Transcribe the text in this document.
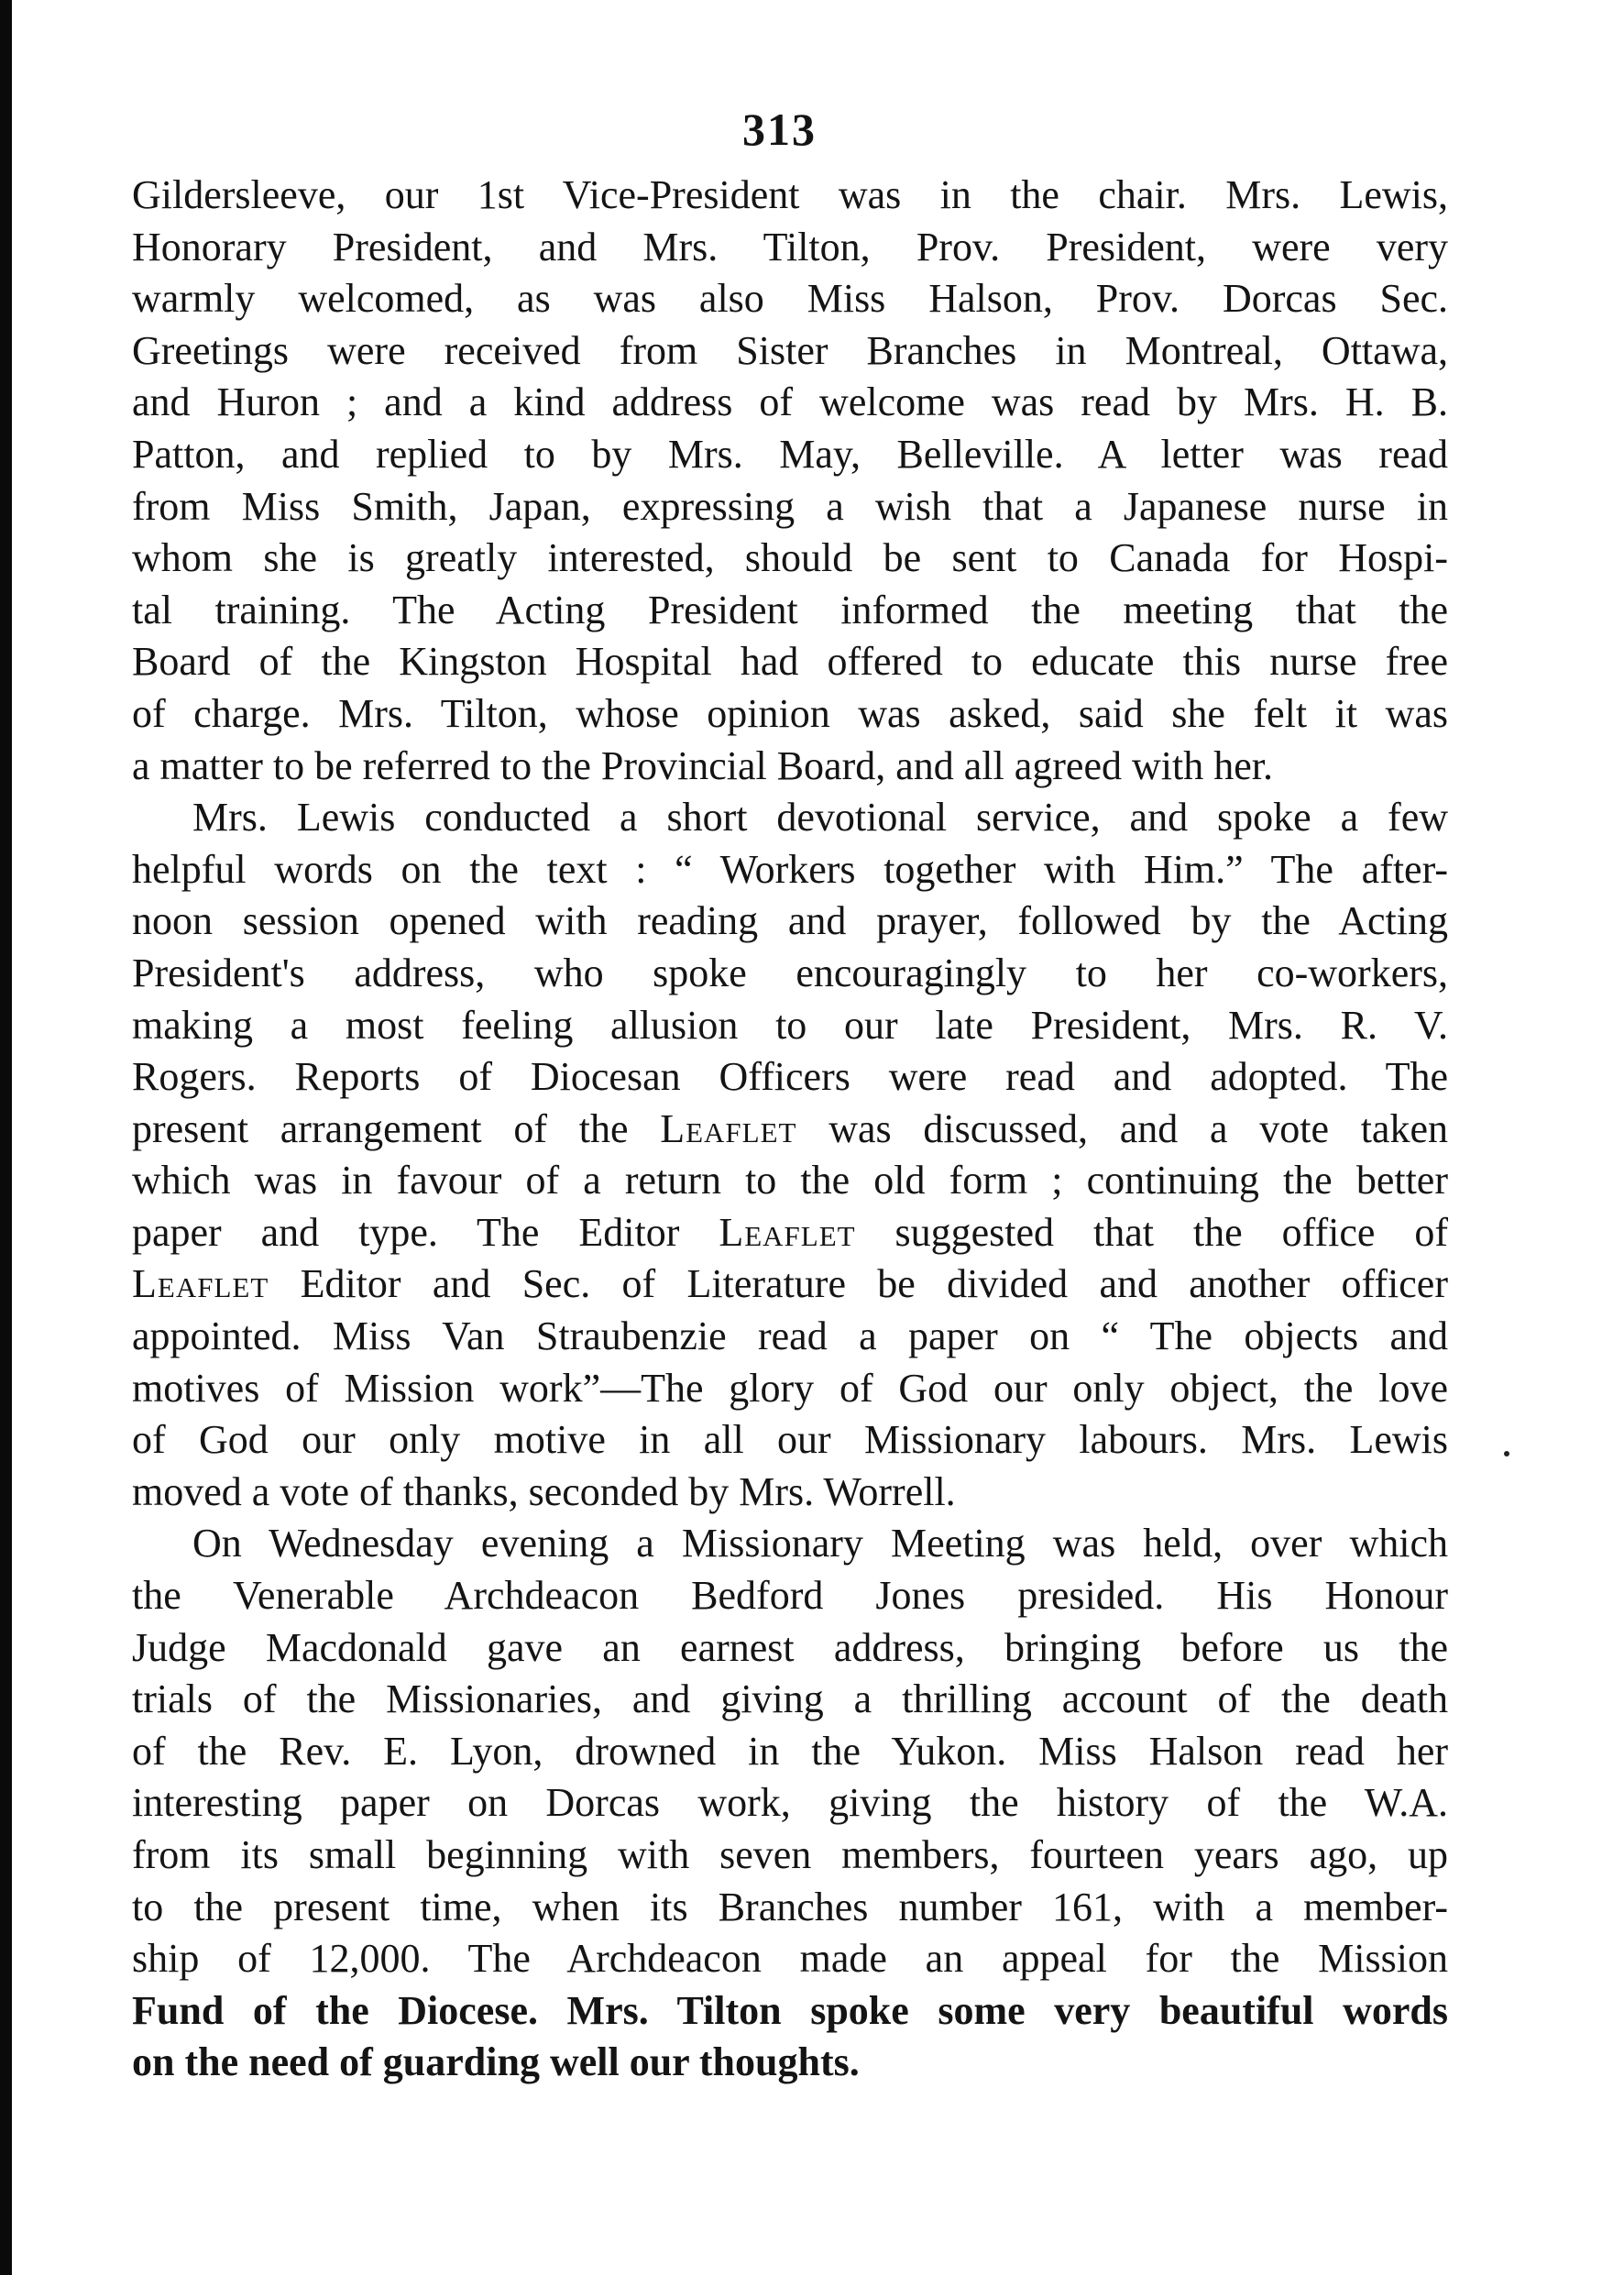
313
Gildersleeve, our 1st Vice-President was in the chair. Mrs. Lewis,
Honorary President, and Mrs. Tilton, Prov. President, were very
warmly welcomed, as was also Miss Halson, Prov. Dorcas Sec.
Greetings were received from Sister Branches in Montreal, Ottawa,
and Huron ; and a kind address of welcome was read by Mrs. H. B.
Patton, and replied to by Mrs. May, Belleville. A letter was read
from Miss Smith, Japan, expressing a wish that a Japanese nurse in
whom she is greatly interested, should be sent to Canada for Hospi-
tal training. The Acting President informed the meeting that the
Board of the Kingston Hospital had offered to educate this nurse free
of charge. Mrs. Tilton, whose opinion was asked, said she felt it was
a matter to be referred to the Provincial Board, and all agreed with her.
Mrs. Lewis conducted a short devotional service, and spoke a few
helpful words on the text : “ Workers together with Him.” The after-
noon session opened with reading and prayer, followed by the Acting
President's address, who spoke encouragingly to her co-workers,
making a most feeling allusion to our late President, Mrs. R. V.
Rogers. Reports of Diocesan Officers were read and adopted. The
present arrangement of the Leaflet was discussed, and a vote taken
which was in favour of a return to the old form ; continuing the better
paper and type. The Editor Leaflet suggested that the office of
Leaflet Editor and Sec. of Literature be divided and another officer
appointed. Miss Van Straubenzie read a paper on “ The objects and
motives of Mission work”—The glory of God our only object, the love
of God our only motive in all our Missionary labours. Mrs. Lewis
moved a vote of thanks, seconded by Mrs. Worrell.
On Wednesday evening a Missionary Meeting was held, over which
the Venerable Archdeacon Bedford Jones presided. His Honour
Judge Macdonald gave an earnest address, bringing before us the
trials of the Missionaries, and giving a thrilling account of the death
of the Rev. E. Lyon, drowned in the Yukon. Miss Halson read her
interesting paper on Dorcas work, giving the history of the W.A.
from its small beginning with seven members, fourteen years ago, up
to the present time, when its Branches number 161, with a member-
ship of 12,000. The Archdeacon made an appeal for the Mission
Fund of the Diocese. Mrs. Tilton spoke some very beautiful words
on the need of guarding well our thoughts.
